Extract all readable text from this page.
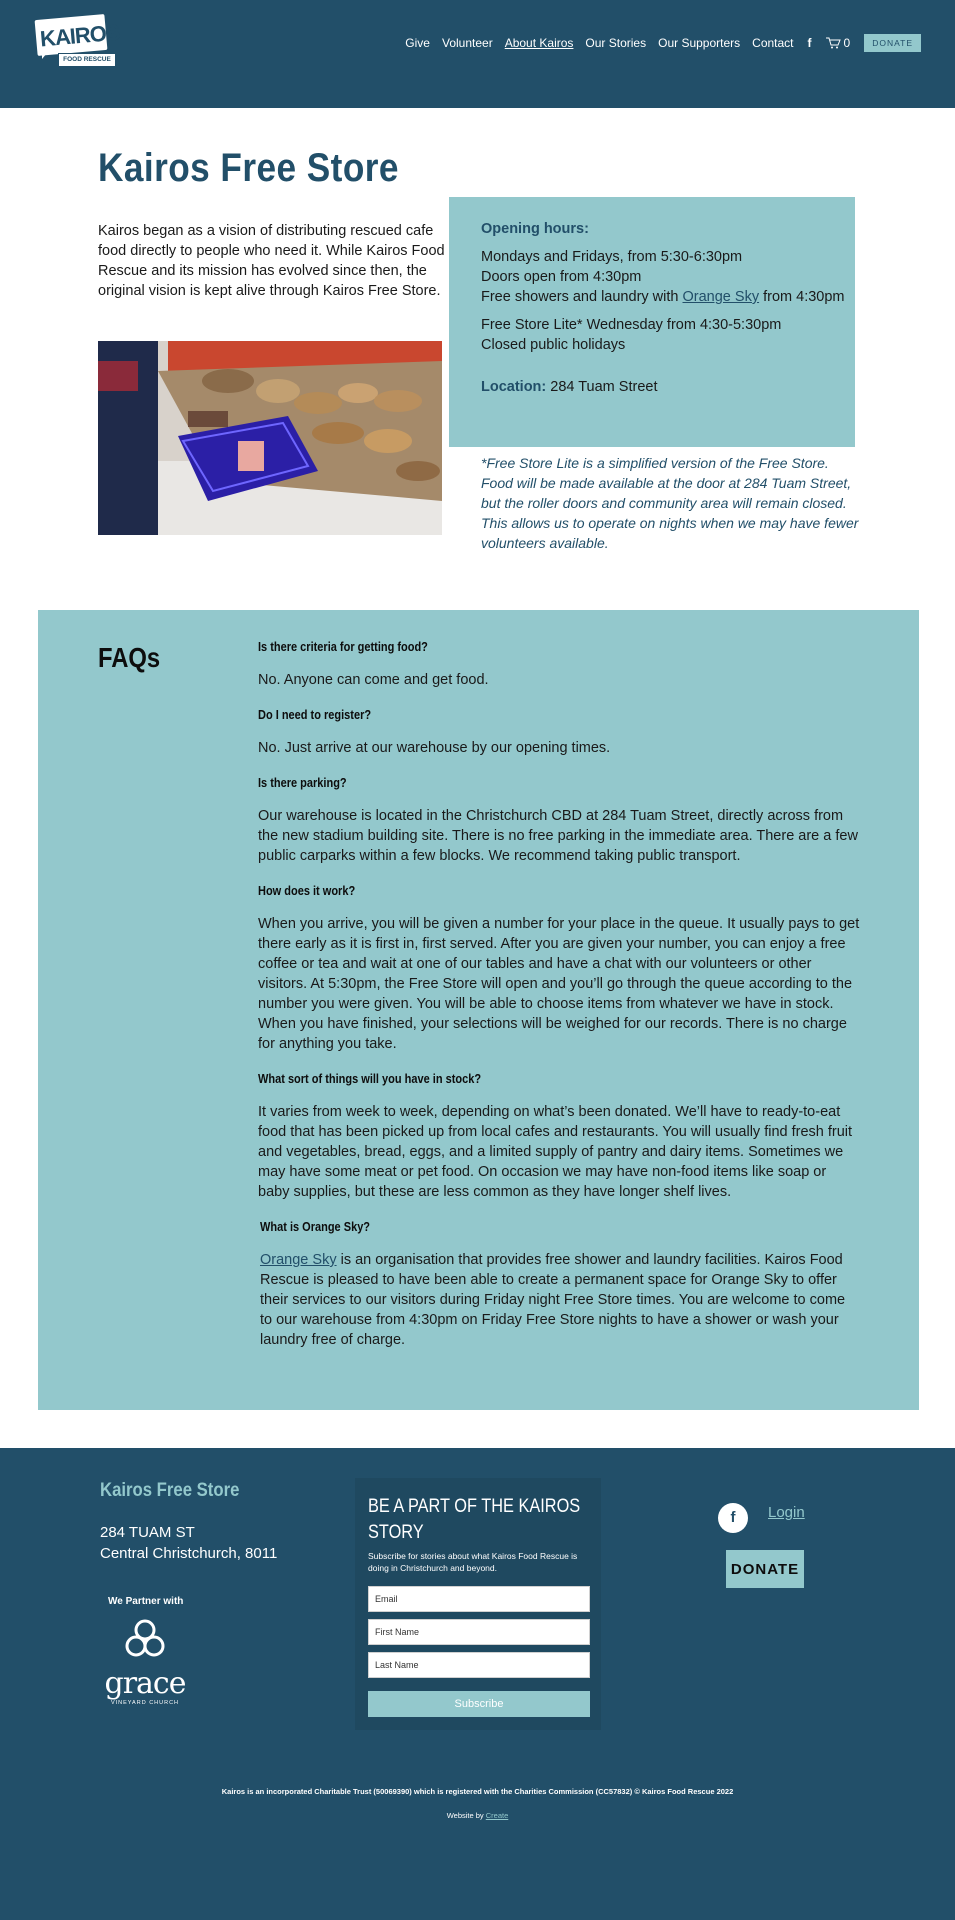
KAIROS
FOOD RESCUE
Give Volunteer About Kairos Our Stories Our Supporters Contact f	0	DONATE
Kairos Free Store

Kairos began as a vision of distributing rescued cafe food directly to people who need it. While Kairos Food Rescue and its mission has evolved since then, the original vision is kept alive through Kairos Free Store.

Opening hours:
Mondays and Fridays, from 5:30-6:30pm
Doors open from 4:30pm
Free showers and laundry with Orange Sky from 4:30pm
Free Store Lite* Wednesday from 4:30-5:30pm
Closed public holidays
Location: 284 Tuam Street

*Free Store Lite is a simplified version of the Free Store. Food will be made available at the door at 284 Tuam Street, but the roller doors and community area will remain closed. This allows us to operate on nights when we may have fewer volunteers available.

FAQs	Is there criteria for getting food?

No. Anyone can come and get food.

Do I need to register?

No. Just arrive at our warehouse by our opening times.

Is there parking?

Our warehouse is located in the Christchurch CBD at 284 Tuam Street, directly across from the new stadium building site. There is no free parking in the immediate area. There are a few public carparks within a few blocks. We recommend taking public transport.

How does it work?

When you arrive, you will be given a number for your place in the queue. It usually pays to get there early as it is first in, first served. After you are given your number, you can enjoy a free coffee or tea and wait at one of our tables and have a chat with our volunteers or other visitors. At 5:30pm, the Free Store will open and you’ll go through the queue according to the number you were given. You will be able to choose items from whatever we have in stock. When you have finished, your selections will be weighed for our records. There is no charge for anything you take.

What sort of things will you have in stock?

It varies from week to week, depending on what’s been donated. We’ll have to ready-to-eat food that has been picked up from local cafes and restaurants. You will usually find fresh fruit and vegetables, bread, eggs, and a limited supply of pantry and dairy items. Sometimes we may have some meat or pet food. On occasion we may have non-food items like soap or baby supplies, but these are less common as they have longer shelf lives.

What is Orange Sky?

Orange Sky is an organisation that provides free shower and laundry facilities. Kairos Food Rescue is pleased to have been able to create a permanent space for Orange Sky to offer their services to our visitors during Friday night Free Store times. You are welcome to come to our warehouse from 4:30pm on Friday Free Store nights to have a shower or wash your laundry free of charge.

Kairos Free Store
284 TUAM ST
Central Christchurch, 8011
We Partner with
grace
VINEYARD CHURCH
BE A PART OF THE KAIROS STORY

Subscribe for stories about what Kairos Food Rescue is doing in Christchurch and beyond.

Email
First Name
Last Name
Subscribe
f	Login
DONATE
Kairos is an incorporated Charitable Trust (50069390) which is registered with the Charities Commission (CC57832) © Kairos Food Rescue 2022
Website by Create
